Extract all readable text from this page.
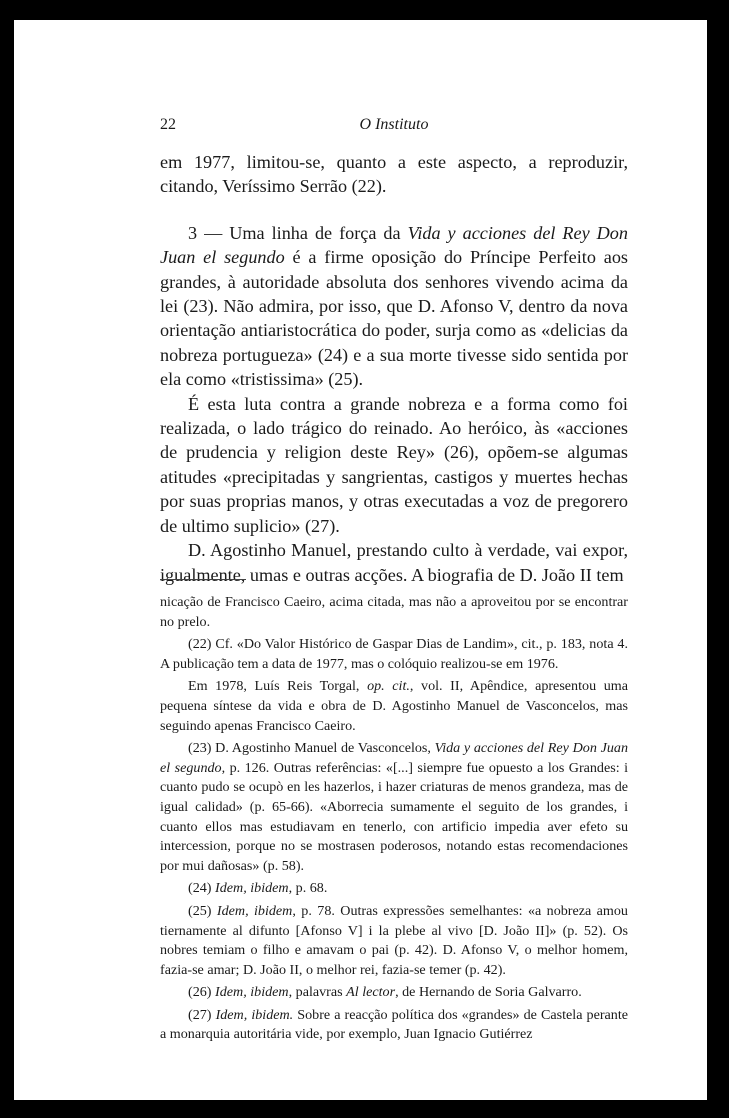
22	O Instituto

em 1977, limitou-se, quanto a este aspecto, a reproduzir, citando, Veríssimo Serrão (22).

3 — Uma linha de força da Vida y acciones del Rey Don Juan el segundo é a firme oposição do Príncipe Perfeito aos grandes, à autoridade absoluta dos senhores vivendo acima da lei (23). Não admira, por isso, que D. Afonso V, dentro da nova orientação antiaristocrática do poder, surja como as «delicias da nobreza portugueza» (24) e a sua morte tivesse sido sentida por ela como «tristissima» (25).

É esta luta contra a grande nobreza e a forma como foi realizada, o lado trágico do reinado. Ao heróico, às «acciones de prudencia y religion deste Rey» (26), opõem-se algumas atitudes «precipitadas y sangrientas, castigos y muertes hechas por suas proprias manos, y otras executadas a voz de pregorero de ultimo suplicio» (27).

D. Agostinho Manuel, prestando culto à verdade, vai expor, igualmente, umas e outras acções. A biografia de D. João II tem

nicação de Francisco Caeiro, acima citada, mas não a aproveitou por se encontrar no prelo.

(22) Cf. «Do Valor Histórico de Gaspar Dias de Landim», cit., p. 183, nota 4. A publicação tem a data de 1977, mas o colóquio realizou-se em 1976.

Em 1978, Luís Reis Torgal, op. cit., vol. II, Apêndice, apresentou uma pequena síntese da vida e obra de D. Agostinho Manuel de Vasconcelos, mas seguindo apenas Francisco Caeiro.

(23) D. Agostinho Manuel de Vasconcelos, Vida y acciones del Rey Don Juan el segundo, p. 126. Outras referências: «[...] siempre fue opuesto a los Grandes: i cuanto pudo se ocupò en les hazerlos, i hazer criaturas de menos grandeza, mas de igual calidad» (p. 65-66). «Aborrecia sumamente el seguito de los grandes, i cuanto ellos mas estudiavam en tenerlo, con artificio impedia aver efeto su intercession, porque no se mostrasen poderosos, notando estas recomendaciones por mui dañosas» (p. 58).

(24) Idem, ibidem, p. 68.

(25) Idem, ibidem, p. 78. Outras expressões semelhantes: «a nobreza amou tiernamente al difunto [Afonso V] i la plebe al vivo [D. João II]» (p. 52). Os nobres temiam o filho e amavam o pai (p. 42). D. Afonso V, o melhor homem, fazia-se amar; D. João II, o melhor rei, fazia-se temer (p. 42).

(26) Idem, ibidem, palavras Al lector, de Hernando de Soria Galvarro.

(27) Idem, ibidem. Sobre a reacção política dos «grandes» de Castela perante a monarquia autoritária vide, por exemplo, Juan Ignacio Gutiérrez
